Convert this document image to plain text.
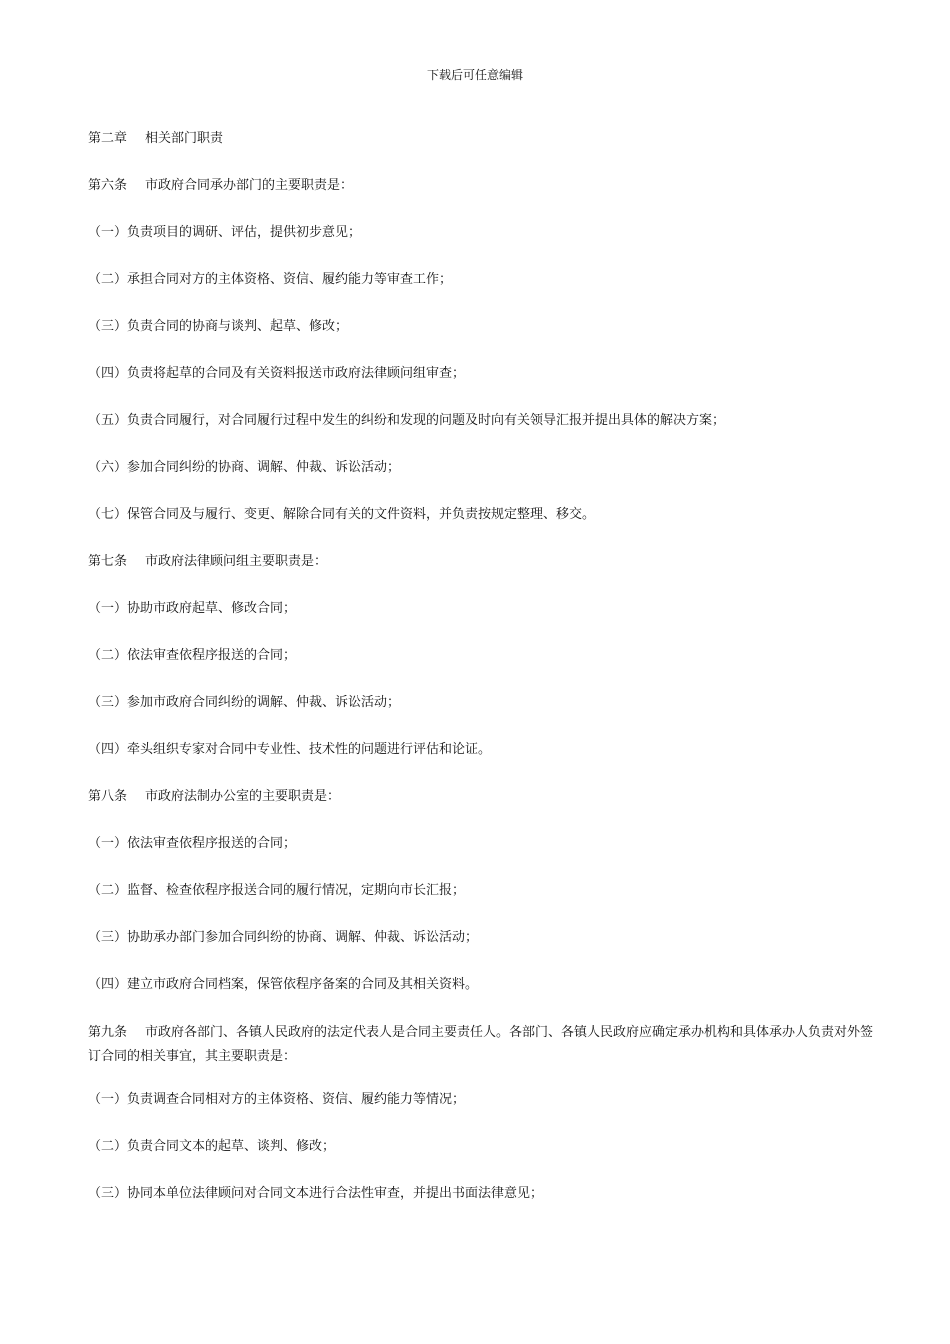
下载后可任意编辑
第二章 相关部门职责
第六条 市政府合同承办部门的主要职责是：
（一）负责项目的调研、评估，提供初步意见；
（二）承担合同对方的主体资格、资信、履约能力等审查工作；
（三）负责合同的协商与谈判、起草、修改；
（四）负责将起草的合同及有关资料报送市政府法律顾问组审查；
（五）负责合同履行，对合同履行过程中发生的纠纷和发现的问题及时向有关领导汇报并提出具体的解决方案；
（六）参加合同纠纷的协商、调解、仲裁、诉讼活动；
（七）保管合同及与履行、变更、解除合同有关的文件资料，并负责按规定整理、移交。
第七条 市政府法律顾问组主要职责是：
（一）协助市政府起草、修改合同；
（二）依法审查依程序报送的合同；
（三）参加市政府合同纠纷的调解、仲裁、诉讼活动；
（四）牵头组织专家对合同中专业性、技术性的问题进行评估和论证。
第八条 市政府法制办公室的主要职责是：
（一）依法审查依程序报送的合同；
（二）监督、检查依程序报送合同的履行情况，定期向市长汇报；
（三）协助承办部门参加合同纠纷的协商、调解、仲裁、诉讼活动；
（四）建立市政府合同档案，保管依程序备案的合同及其相关资料。
第九条 市政府各部门、各镇人民政府的法定代表人是合同主要责任人。各部门、各镇人民政府应确定承办机构和具体承办人负责对外签订合同的相关事宜，其主要职责是：
（一）负责调查合同相对方的主体资格、资信、履约能力等情况；
（二）负责合同文本的起草、谈判、修改；
（三）协同本单位法律顾问对合同文本进行合法性审查，并提出书面法律意见；
